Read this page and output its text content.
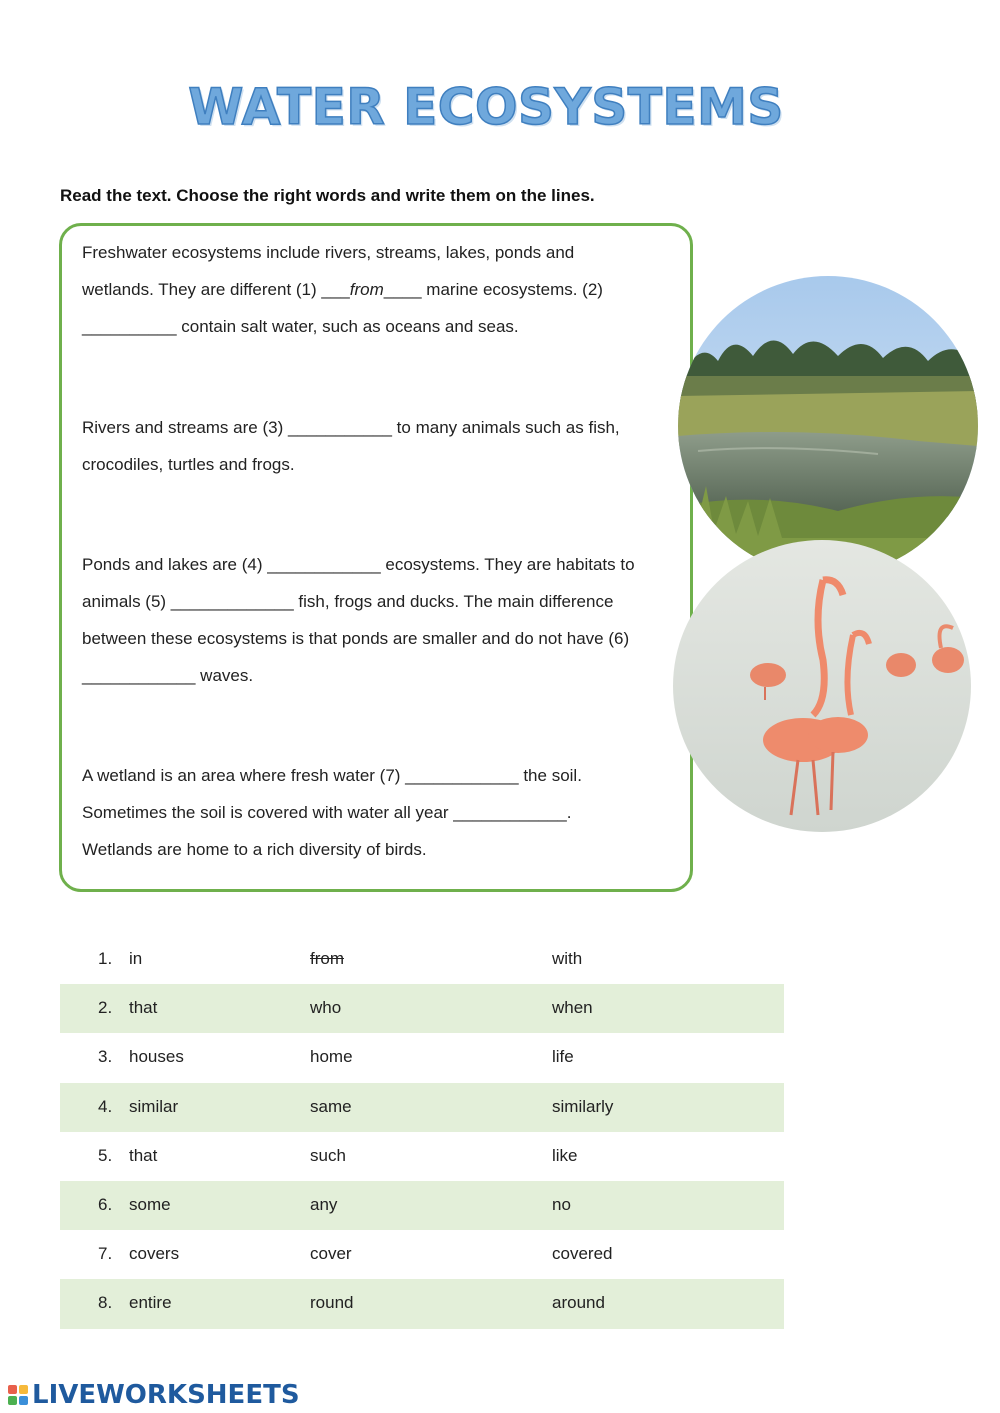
WATER ECOSYSTEMS
Read the text. Choose the right words and write them on the lines.
Freshwater ecosystems include rivers, streams, lakes, ponds and
wetlands. They are different (1) ___from____ marine ecosystems. (2)
__________ contain salt water, such as oceans and seas.
Rivers and streams are (3) ___________ to many animals such as fish,
crocodiles, turtles and frogs.
Ponds and lakes are (4) ____________ ecosystems. They are habitats to
animals (5) _____________ fish, frogs and ducks. The main difference
between these ecosystems is that ponds are smaller and do not have (6)
____________ waves.
A wetland is an area where fresh water (7) ____________ the soil.
Sometimes the soil is covered with water all year ____________.
Wetlands are home to a rich diversity of birds.
1. in	from	with
2. that	who	when
3. houses	home	life
4. similar	same	similarly
5. that	such	like
6. some	any	no
7. covers	cover	covered
8. entire	round	around
LIVEWORKSHEETS
